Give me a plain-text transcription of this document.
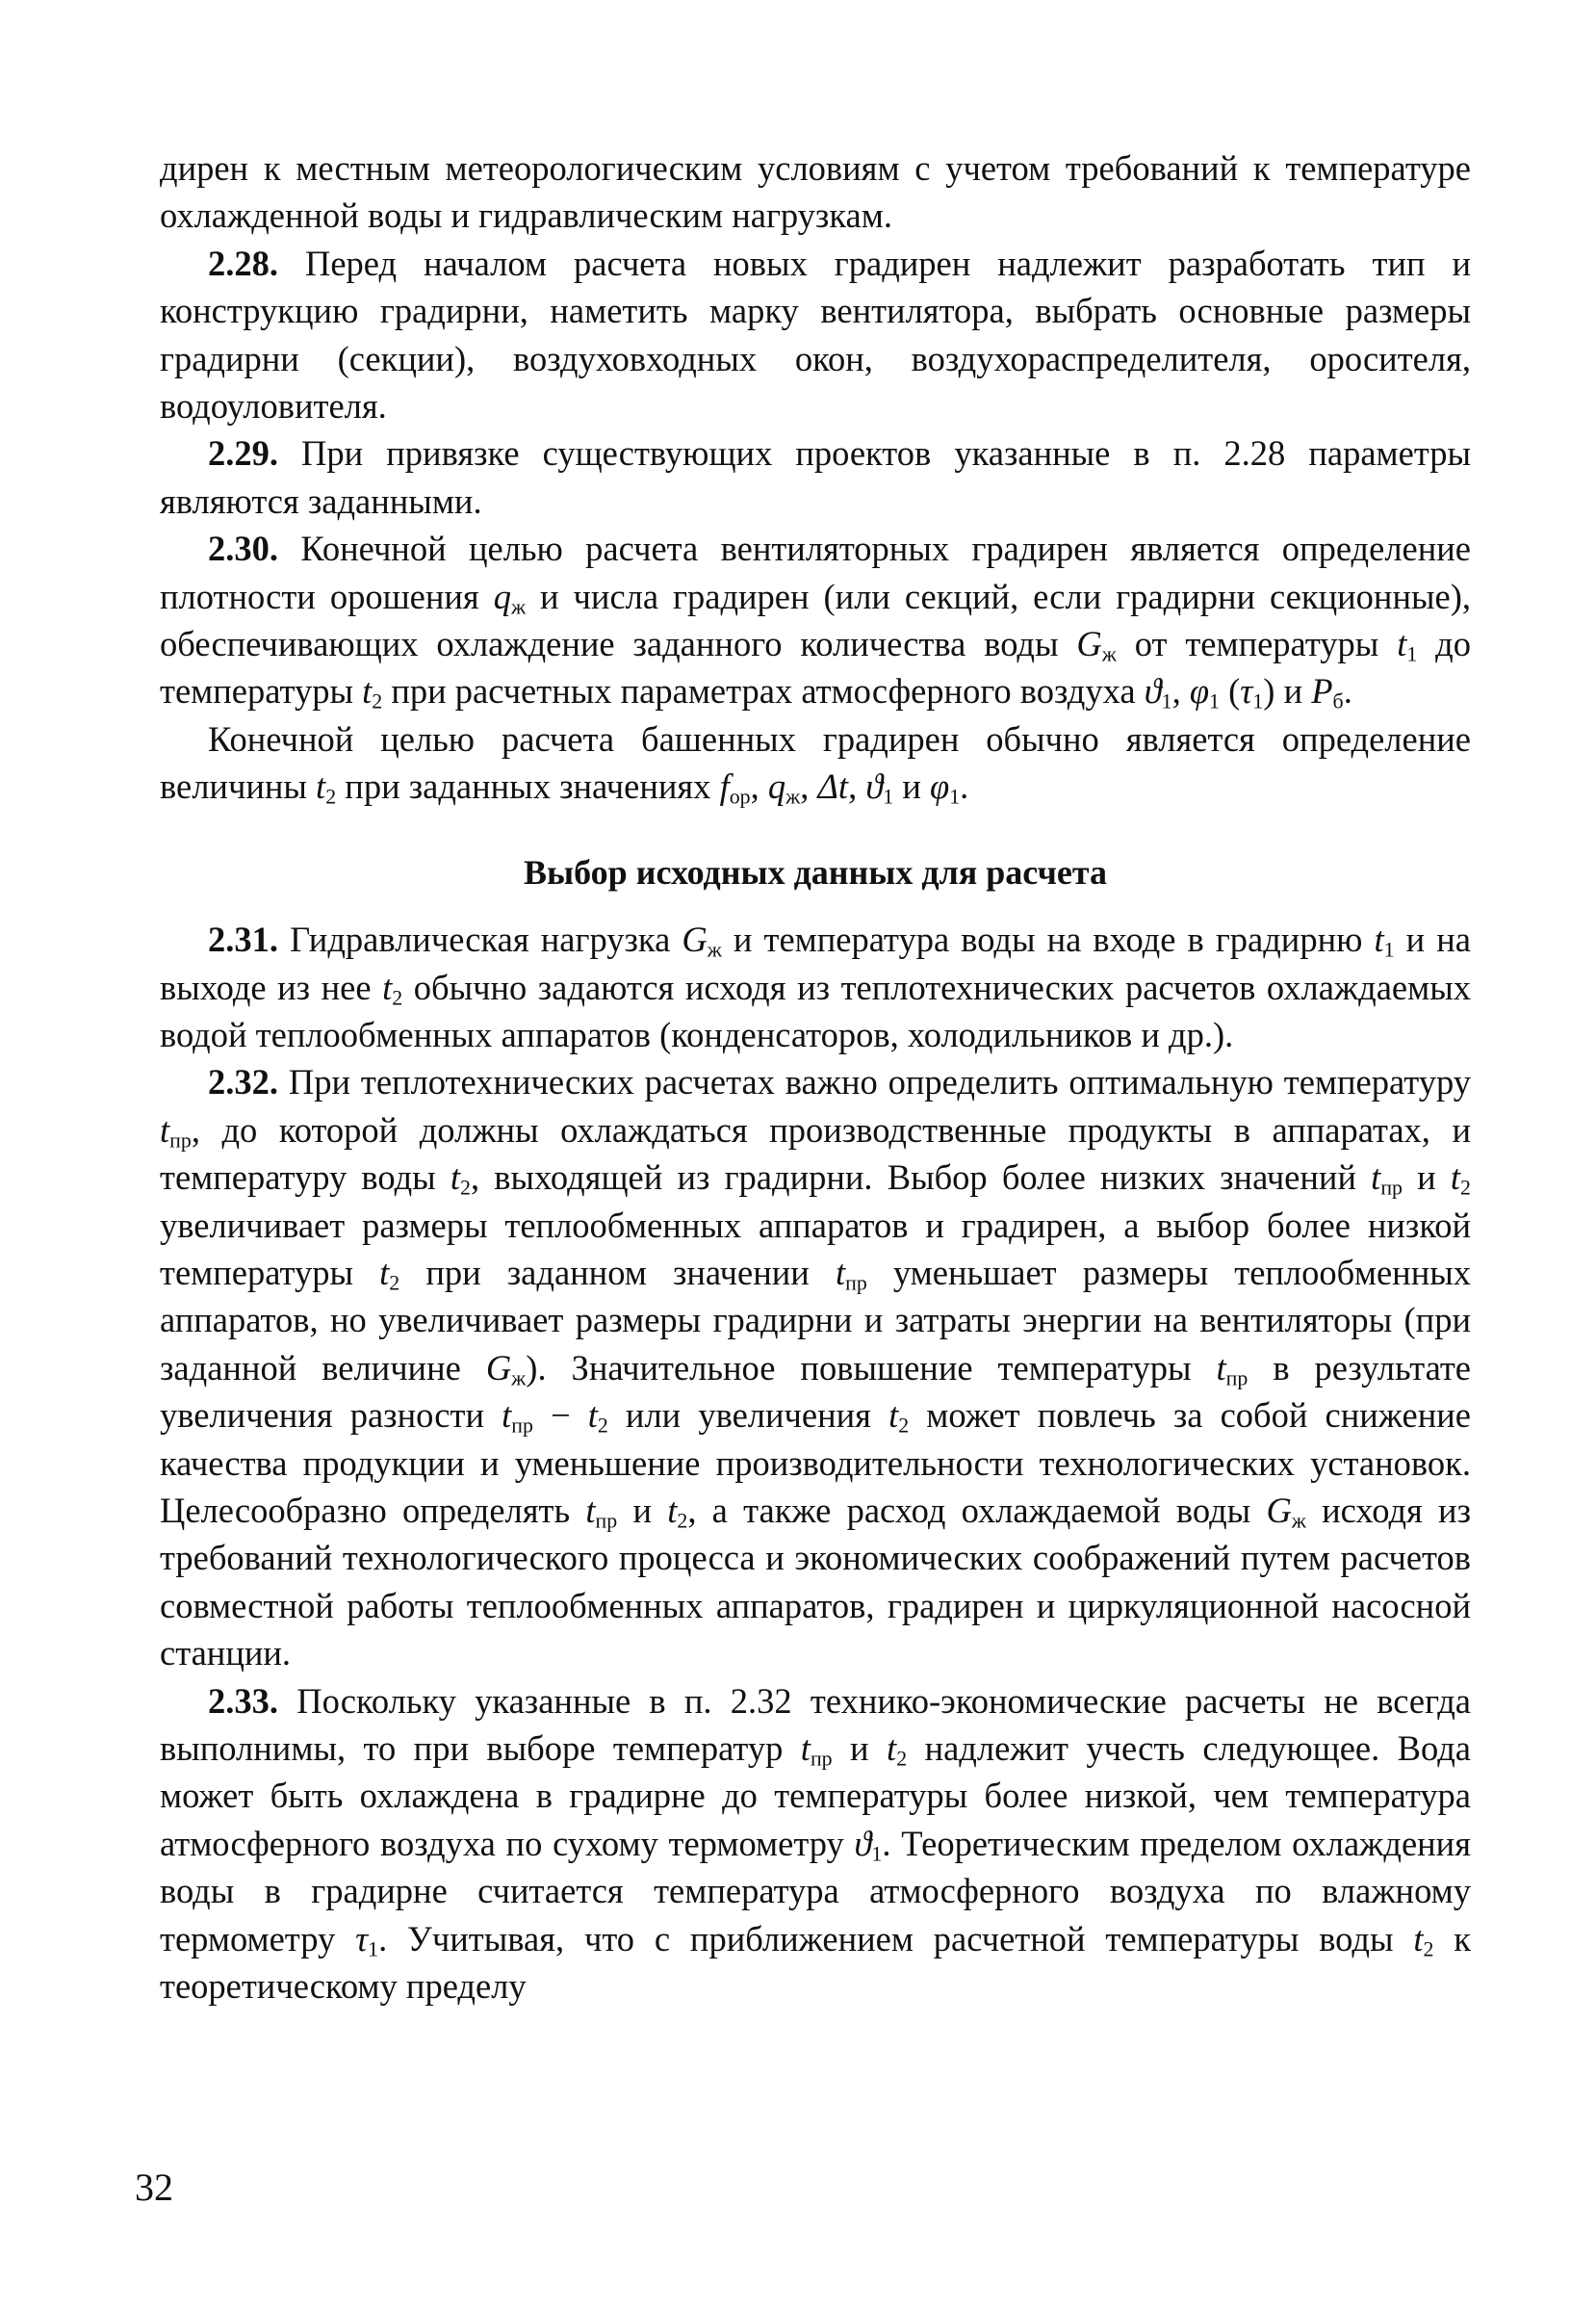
дирен к местным метеорологическим условиям с учетом требований к температуре охлажденной воды и гидравлическим нагрузкам.

2.28. Перед началом расчета новых градирен надлежит разработать тип и конструкцию градирни, наметить марку вентилятора, выбрать основные размеры градирни (секции), воздуховходных окон, воздухораспределителя, оросителя, водоуловителя.

2.29. При привязке существующих проектов указанные в п. 2.28 параметры являются заданными.

2.30. Конечной целью расчета вентиляторных градирен является определение плотности орошения $q_ж$ и числа градирен (или секций, если градирни секционные), обеспечивающих охлаждение заданного количества воды $G_ж$ от температуры $t_1$ до температуры $t_2$ при расчетных параметрах атмосферного воздуха $ϑ_1$, $\varphi_1$ $(\tau_1)$ и $P_б$.

Конечной целью расчета башенных градирен обычно является определение величины $t_2$ при заданных значениях $f_{ор}$, $q_ж$, Δt, $ϑ_1$ и $\varphi_1$.

Выбор исходных данных для расчета

2.31. Гидравлическая нагрузка $G_ж$ и температура воды на входе в градирню $t_1$ и на выходе из нее $t_2$ обычно задаются исходя из теплотехнических расчетов охлаждаемых водой теплообменных аппаратов (конденсаторов, холодильников и др.).

2.32. При теплотехнических расчетах важно определить оптимальную температуру $t_{пр}$, до которой должны охлаждаться производственные продукты в аппаратах, и температуру воды $t_2$, выходящей из градирни. Выбор более низких значений $t_{пр}$ и $t_2$ увеличивает размеры теплообменных аппаратов и градирен, а выбор более низкой температуры $t_2$ при заданном значении $t_{пр}$ уменьшает размеры теплообменных аппаратов, но увеличивает размеры градирни и затраты энергии на вентиляторы (при заданной величине $G_ж$). Значительное повышение температуры $t_{пр}$ в результате увеличения разности $t_{пр} - t_2$ или увеличения $t_2$ может повлечь за собой снижение качества продукции и уменьшение производительности технологических установок. Целесообразно определять $t_{пр}$ и $t_2$, а также расход охлаждаемой воды $G_ж$ исходя из требований технологического процесса и экономических соображений путем расчетов совместной работы теплообменных аппаратов, градирен и циркуляционной насосной станции.

2.33. Поскольку указанные в п. 2.32 технико-экономические расчеты не всегда выполнимы, то при выборе температур $t_{пр}$ и $t_2$ надлежит учесть следующее. Вода может быть охлаждена в градирне до температуры более низкой, чем температура атмосферного воздуха по сухому термометру $ϑ_1$. Теоретическим пределом охлаждения воды в градирне считается температура атмосферного воздуха по влажному термометру $\tau_1$. Учитывая, что с приближением расчетной температуры воды $t_2$ к теоретическому пределу

32
